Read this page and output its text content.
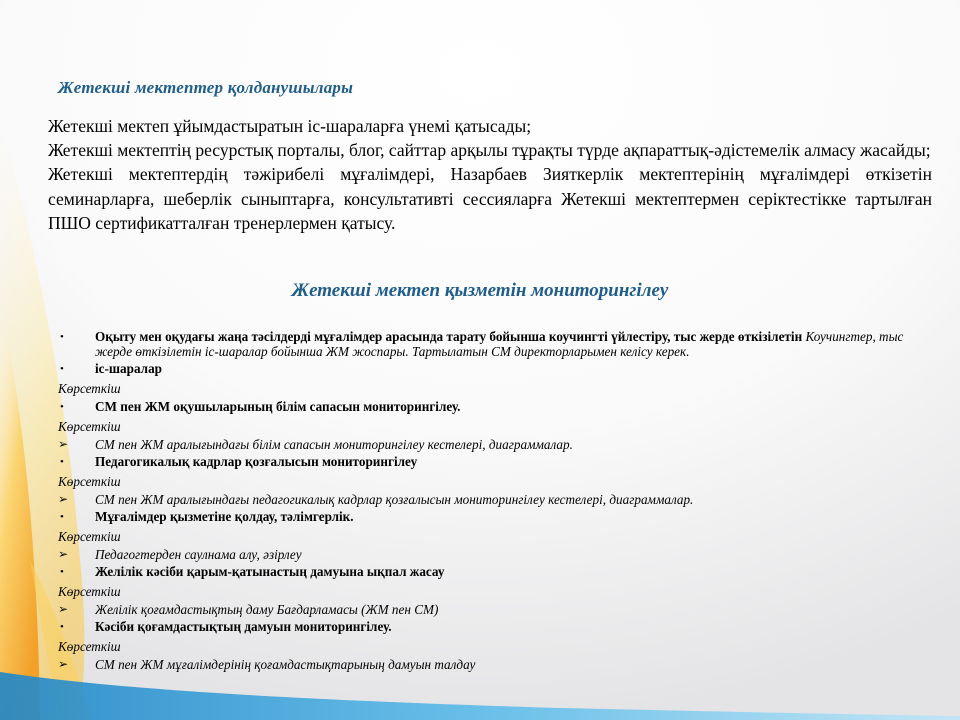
Жетекші мектептер қолданушылары

Жетекші мектеп ұйымдастыратын іс-шараларға үнемі қатысады;

Жетекші мектептің ресурстық порталы, блог, сайттар арқылы тұрақты түрде ақпараттық-әдістемелік алмасу жасайды;

Жетекші мектептердің тәжірибелі мұғалімдері, Назарбаев Зияткерлік мектептерінің мұғалімдері өткізетін семинарларға, шеберлік сыныптарға, консультативті сессияларға Жетекші мектептермен серіктестікке тартылған ПШО сертификатталған тренерлермен қатысу.

Жетекші мектеп қызметін мониторингілеу
•	Оқыту мен оқудағы жаңа тәсілдерді мұғалімдер арасында тарату бойынша коучингті үйлестіру, тыс жерде өткізілетін Коучингтер, тыс жерде өткізілетін іс-шаралар бойынша ЖМ жоспары. Тартылатын СМ директорларымен келісу керек.
•	іс-шаралар
Көрсеткіш
•	СМ пен ЖМ оқушыларының білім сапасын мониторингілеу.
Көрсеткіш
➢	СМ пен ЖМ аралығындағы білім сапасын мониторингілеу кестелері, диаграммалар.
•	Педагогикалық кадрлар қозғалысын мониторингілеу
Көрсеткіш
➢	СМ пен ЖМ аралығындағы педагогикалық кадрлар қозғалысын мониторингілеу кестелері, диаграммалар.
•	Мұғалімдер қызметіне қолдау, тәлімгерлік.
Көрсеткіш
➢	Педагогтерден саулнама алу, әзірлеу
•	Желілік кәсіби қарым-қатынастың дамуына ықпал жасау
Көрсеткіш
➢	Желілік қоғамдастықтың даму Бағдарламасы (ЖМ пен СМ)
•	Кәсіби қоғамдастықтың дамуын мониторингілеу.
Көрсеткіш
➢	СМ пен ЖМ мұғалімдерінің қоғамдастықтарының дамуын талдау
